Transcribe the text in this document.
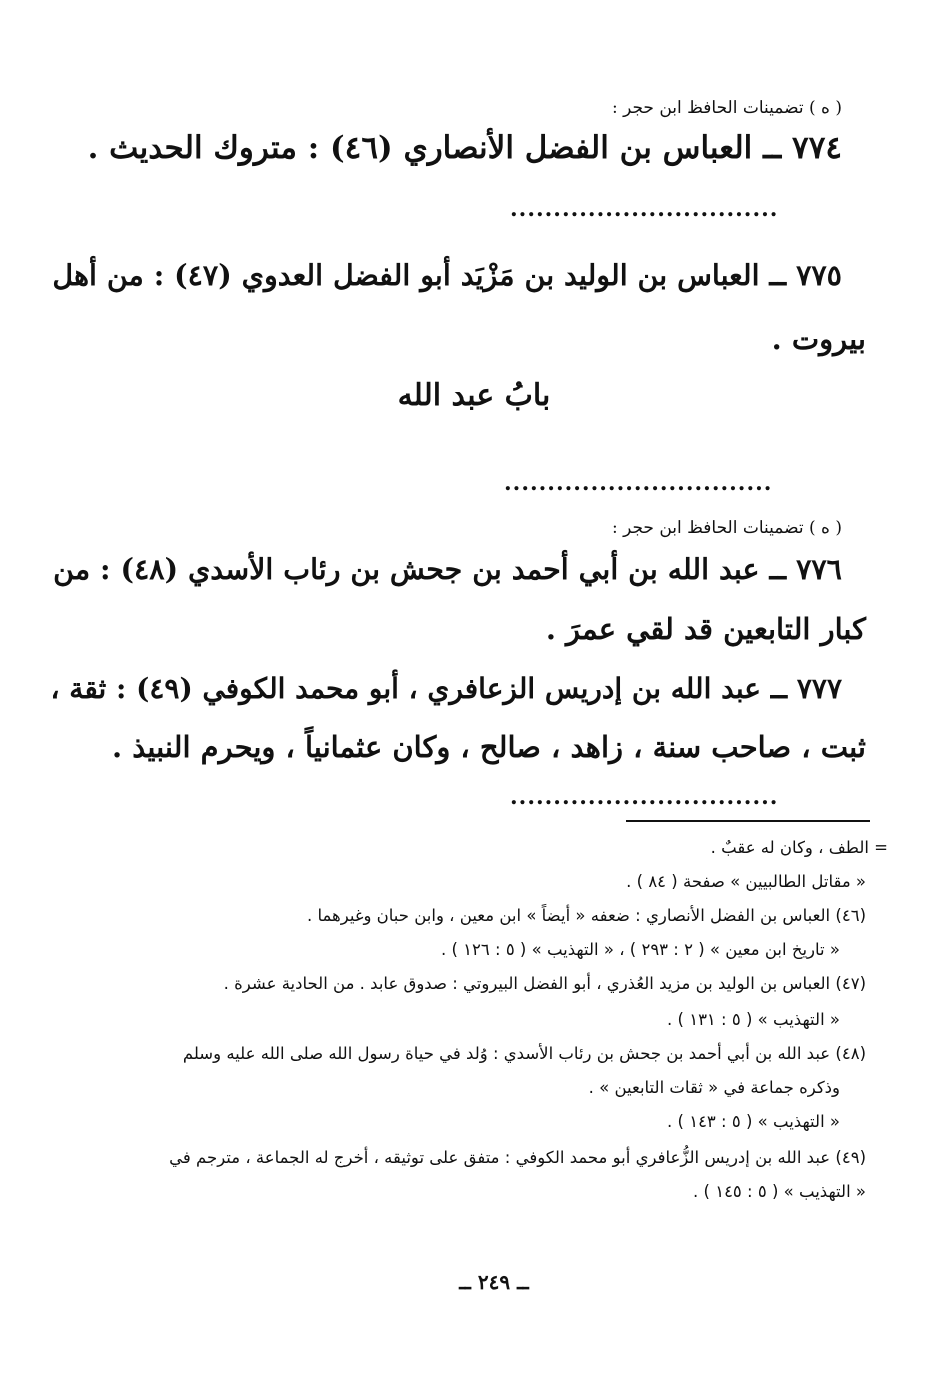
( ه ) تضمينات الحافظ ابن حجر :
٧٧٤ ــ العباس بن الفضل الأنصاري (٤٦) : متروك الحديث .
...............................
٧٧٥ ــ العباس بن الوليد بن مَزْيَد أبو الفضل العدوي (٤٧) : من أهل
بيروت .
بابُ عبد الله
...............................
( ه ) تضمينات الحافظ ابن حجر :
٧٧٦ ــ عبد الله بن أبي أحمد بن جحش بن رئاب الأسدي (٤٨) : من
كبار التابعين قد لقي عمرَ .
٧٧٧ ــ عبد الله بن إدريس الزعافري ، أبو محمد الكوفي (٤٩) : ثقة ،
ثبت ، صاحب سنة ، زاهد ، صالح ، وكان عثمانياً ، ويحرم النبيذ .
...............................
= الطف ، وكان له عقبٌ .
« مقاتل الطالبيين » صفحة ( ٨٤ ) .
(٤٦) العباس بن الفضل الأنصاري : ضعفه « أيضاً » ابن معين ، وابن حبان وغيرهما .
« تاريخ ابن معين » ( ٢ : ٢٩٣ ) ، « التهذيب » ( ٥ : ١٢٦ ) .
(٤٧) العباس بن الوليد بن مزيد العُذري ، أبو الفضل البيروتي : صدوق عابد . من الحادية عشرة .
« التهذيب » ( ٥ : ١٣١ ) .
(٤٨) عبد الله بن أبي أحمد بن جحش بن رئاب الأسدي : وُلد في حياة رسول الله صلى الله عليه وسلم
وذكره جماعة في « ثقات التابعين » .
« التهذيب » ( ٥ : ١٤٣ ) .
(٤٩) عبد الله بن إدريس الزُّعافري أبو محمد الكوفي : متفق على توثيقه ، أخرج له الجماعة ، مترجم في
« التهذيب » ( ٥ : ١٤٥ ) .
ــ ٢٤٩ ــ
